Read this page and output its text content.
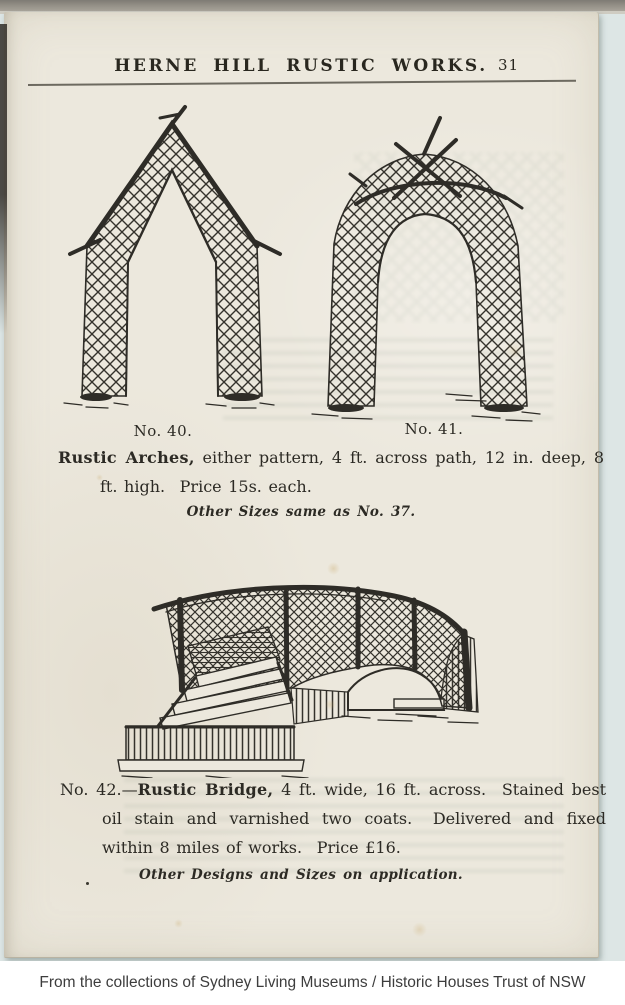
HERNE HILL RUSTIC WORKS. 31
No. 40.	No. 41.

Rustic Arches, either pattern, 4 ft. across path, 12 in. deep, 8 ft. high.  Price 15s. each.

Other Sizes same as No. 37.

No. 42.—Rustic Bridge, 4 ft. wide, 16 ft. across.  Stained best oil stain and varnished two coats.  Delivered and fixed within 8 miles of works.  Price £16.

Other Designs and Sizes on application.
From the collections of Sydney Living Museums / Historic Houses Trust of NSW
